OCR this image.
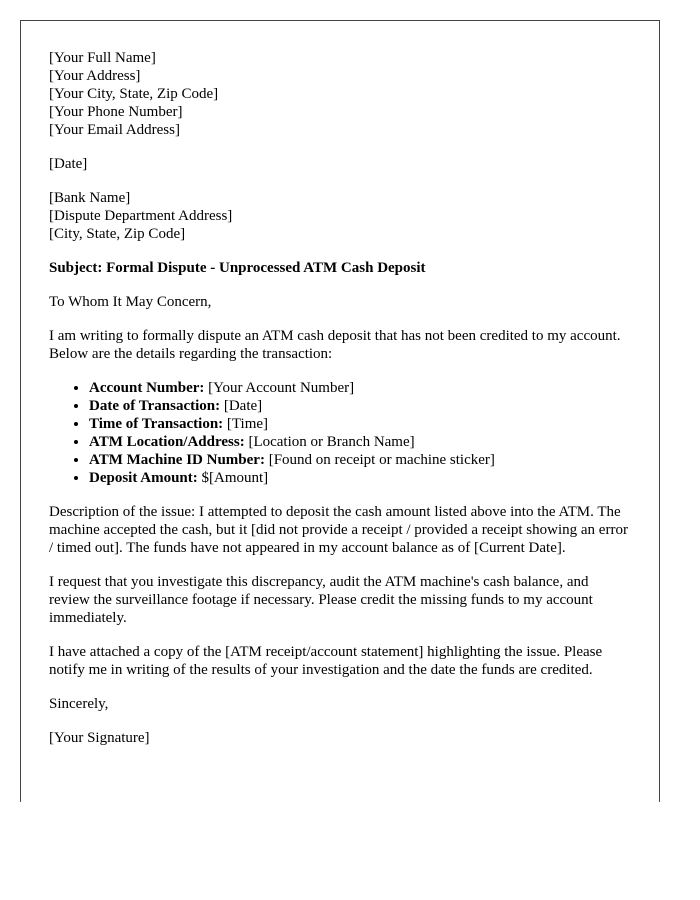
[Your Full Name]
[Your Address]
[Your City, State, Zip Code]
[Your Phone Number]
[Your Email Address]

[Date]

[Bank Name]
[Dispute Department Address]
[City, State, Zip Code]

Subject: Formal Dispute - Unprocessed ATM Cash Deposit

To Whom It May Concern,

I am writing to formally dispute an ATM cash deposit that has not been credited to my account. Below are the details regarding the transaction:

• Account Number: [Your Account Number]
• Date of Transaction: [Date]
• Time of Transaction: [Time]
• ATM Location/Address: [Location or Branch Name]
• ATM Machine ID Number: [Found on receipt or machine sticker]
• Deposit Amount: $[Amount]

Description of the issue: I attempted to deposit the cash amount listed above into the ATM. The machine accepted the cash, but it [did not provide a receipt / provided a receipt showing an error / timed out]. The funds have not appeared in my account balance as of [Current Date].

I request that you investigate this discrepancy, audit the ATM machine's cash balance, and review the surveillance footage if necessary. Please credit the missing funds to my account immediately.

I have attached a copy of the [ATM receipt/account statement] highlighting the issue. Please notify me in writing of the results of your investigation and the date the funds are credited.

Sincerely,

[Your Signature]
